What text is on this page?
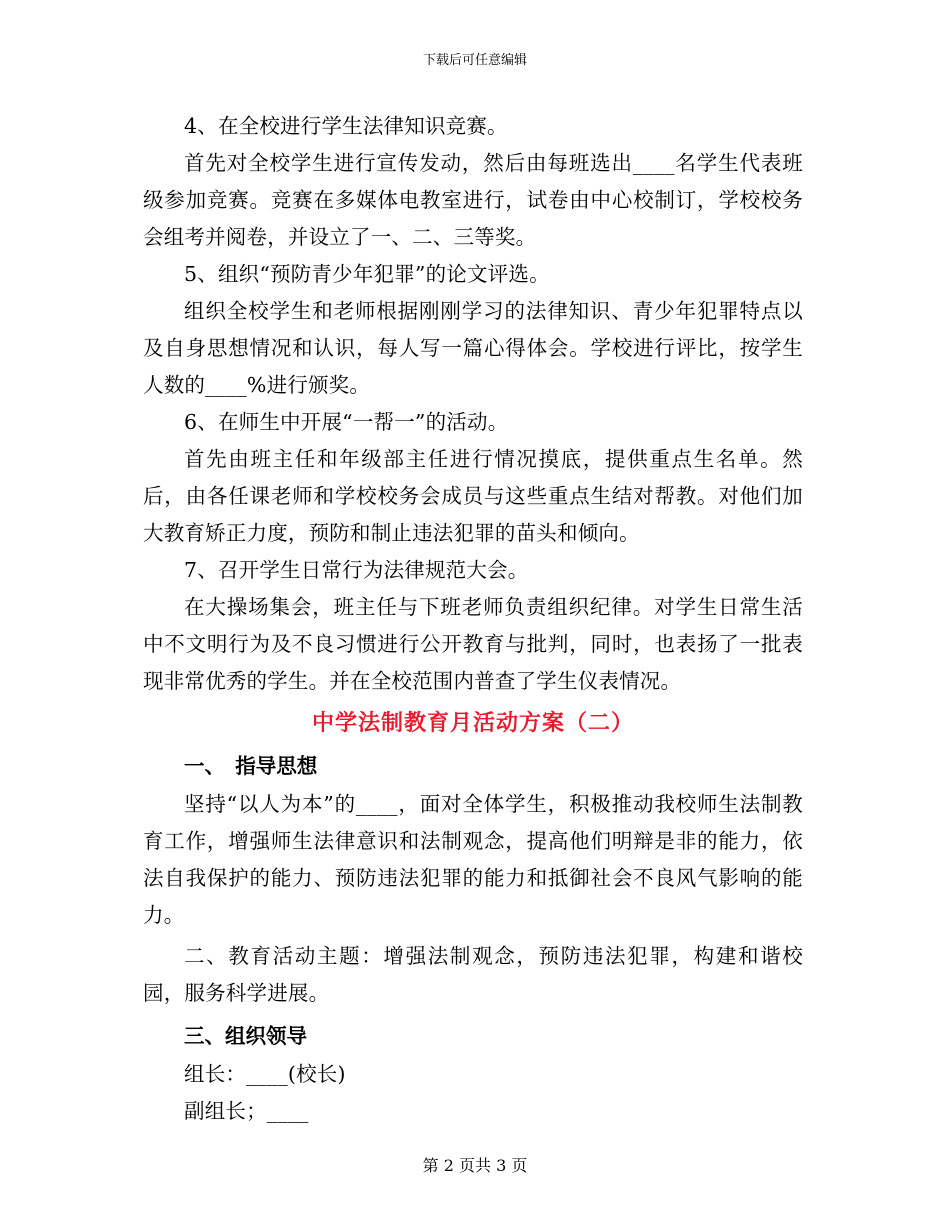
下载后可任意编辑

4、在全校进行学生法律知识竞赛。

首先对全校学生进行宣传发动，然后由每班选出____名学生代表班级参加竞赛。竞赛在多媒体电教室进行，试卷由中心校制订，学校校务会组考并阅卷，并设立了一、二、三等奖。

5、组织“预防青少年犯罪”的论文评选。

组织全校学生和老师根据刚刚学习的法律知识、青少年犯罪特点以及自身思想情况和认识，每人写一篇心得体会。学校进行评比，按学生人数的____%进行颁奖。

6、在师生中开展“一帮一”的活动。

首先由班主任和年级部主任进行情况摸底，提供重点生名单。然后，由各任课老师和学校校务会成员与这些重点生结对帮教。对他们加大教育矫正力度，预防和制止违法犯罪的苗头和倾向。

7、召开学生日常行为法律规范大会。

在大操场集会，班主任与下班老师负责组织纪律。对学生日常生活中不文明行为及不良习惯进行公开教育与批判，同时，也表扬了一批表现非常优秀的学生。并在全校范围内普查了学生仪表情况。

中学法制教育月活动方案（二）

一、　指导思想

坚持“以人为本”的____，面对全体学生，积极推动我校师生法制教育工作，增强师生法律意识和法制观念，提高他们明辩是非的能力，依法自我保护的能力、预防违法犯罪的能力和抵御社会不良风气影响的能力。

二、教育活动主题：增强法制观念，预防违法犯罪，构建和谐校园，服务科学进展。

三、组织领导

组长：____(校长)

副组长；____

第 2 页共 3 页
